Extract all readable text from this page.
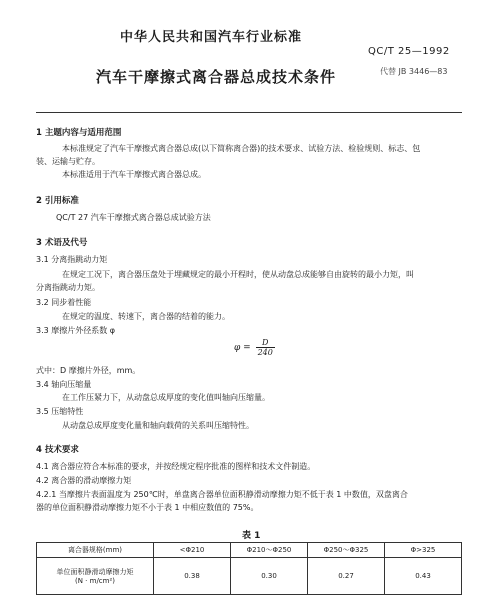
中华人民共和国汽车行业标准
QC/T 25—1992
汽车干摩擦式离合器总成技术条件	代替 JB 3446—83
1 主题内容与适用范围
本标准规定了汽车干摩擦式离合器总成(以下简称离合器)的技术要求、试验方法、检验规则、标志、包
装、运输与贮存。
本标准适用于汽车干摩擦式离合器总成。
2 引用标准
QC/T 27 汽车干摩擦式离合器总成试验方法
3 术语及代号
3.1 分离指跳动力矩
在规定工况下，离合器压盘处于埋藏规定的最小开程时，使从动盘总成能够自由旋转的最小力矩，叫
分离指跳动力矩。
3.2 同步着性能
在规定的温度、转速下，离合器的结着的能力。
3.3 摩擦片外径系数 φ
$\varphi = \frac{D}{240}$
式中：D 摩擦片外径，mm。
3.4 轴向压缩量
在工作压紧力下，从动盘总成厚度的变化值叫轴向压缩量。
3.5 压缩特性
从动盘总成厚度变化量和轴向载荷的关系叫压缩特性。
4 技术要求
4.1 离合器应符合本标准的要求，并按经规定程序批准的图样和技术文件制造。
4.2 离合器的滑动摩擦力矩
4.2.1 当摩擦片表面温度为 250℃时，单盘离合器单位面积静滑动摩擦力矩不低于表 1 中数值，双盘离合
器的单位面积静滑动摩擦力矩不小于表 1 中相应数值的 75%。
表 1
离合器规格(mm)	<Φ210	Φ210～Φ250	Φ250～Φ325	Φ>325

单位面积静滑动摩擦力矩
(N · m/cm²)	0.38	0.30	0.27	0.43
